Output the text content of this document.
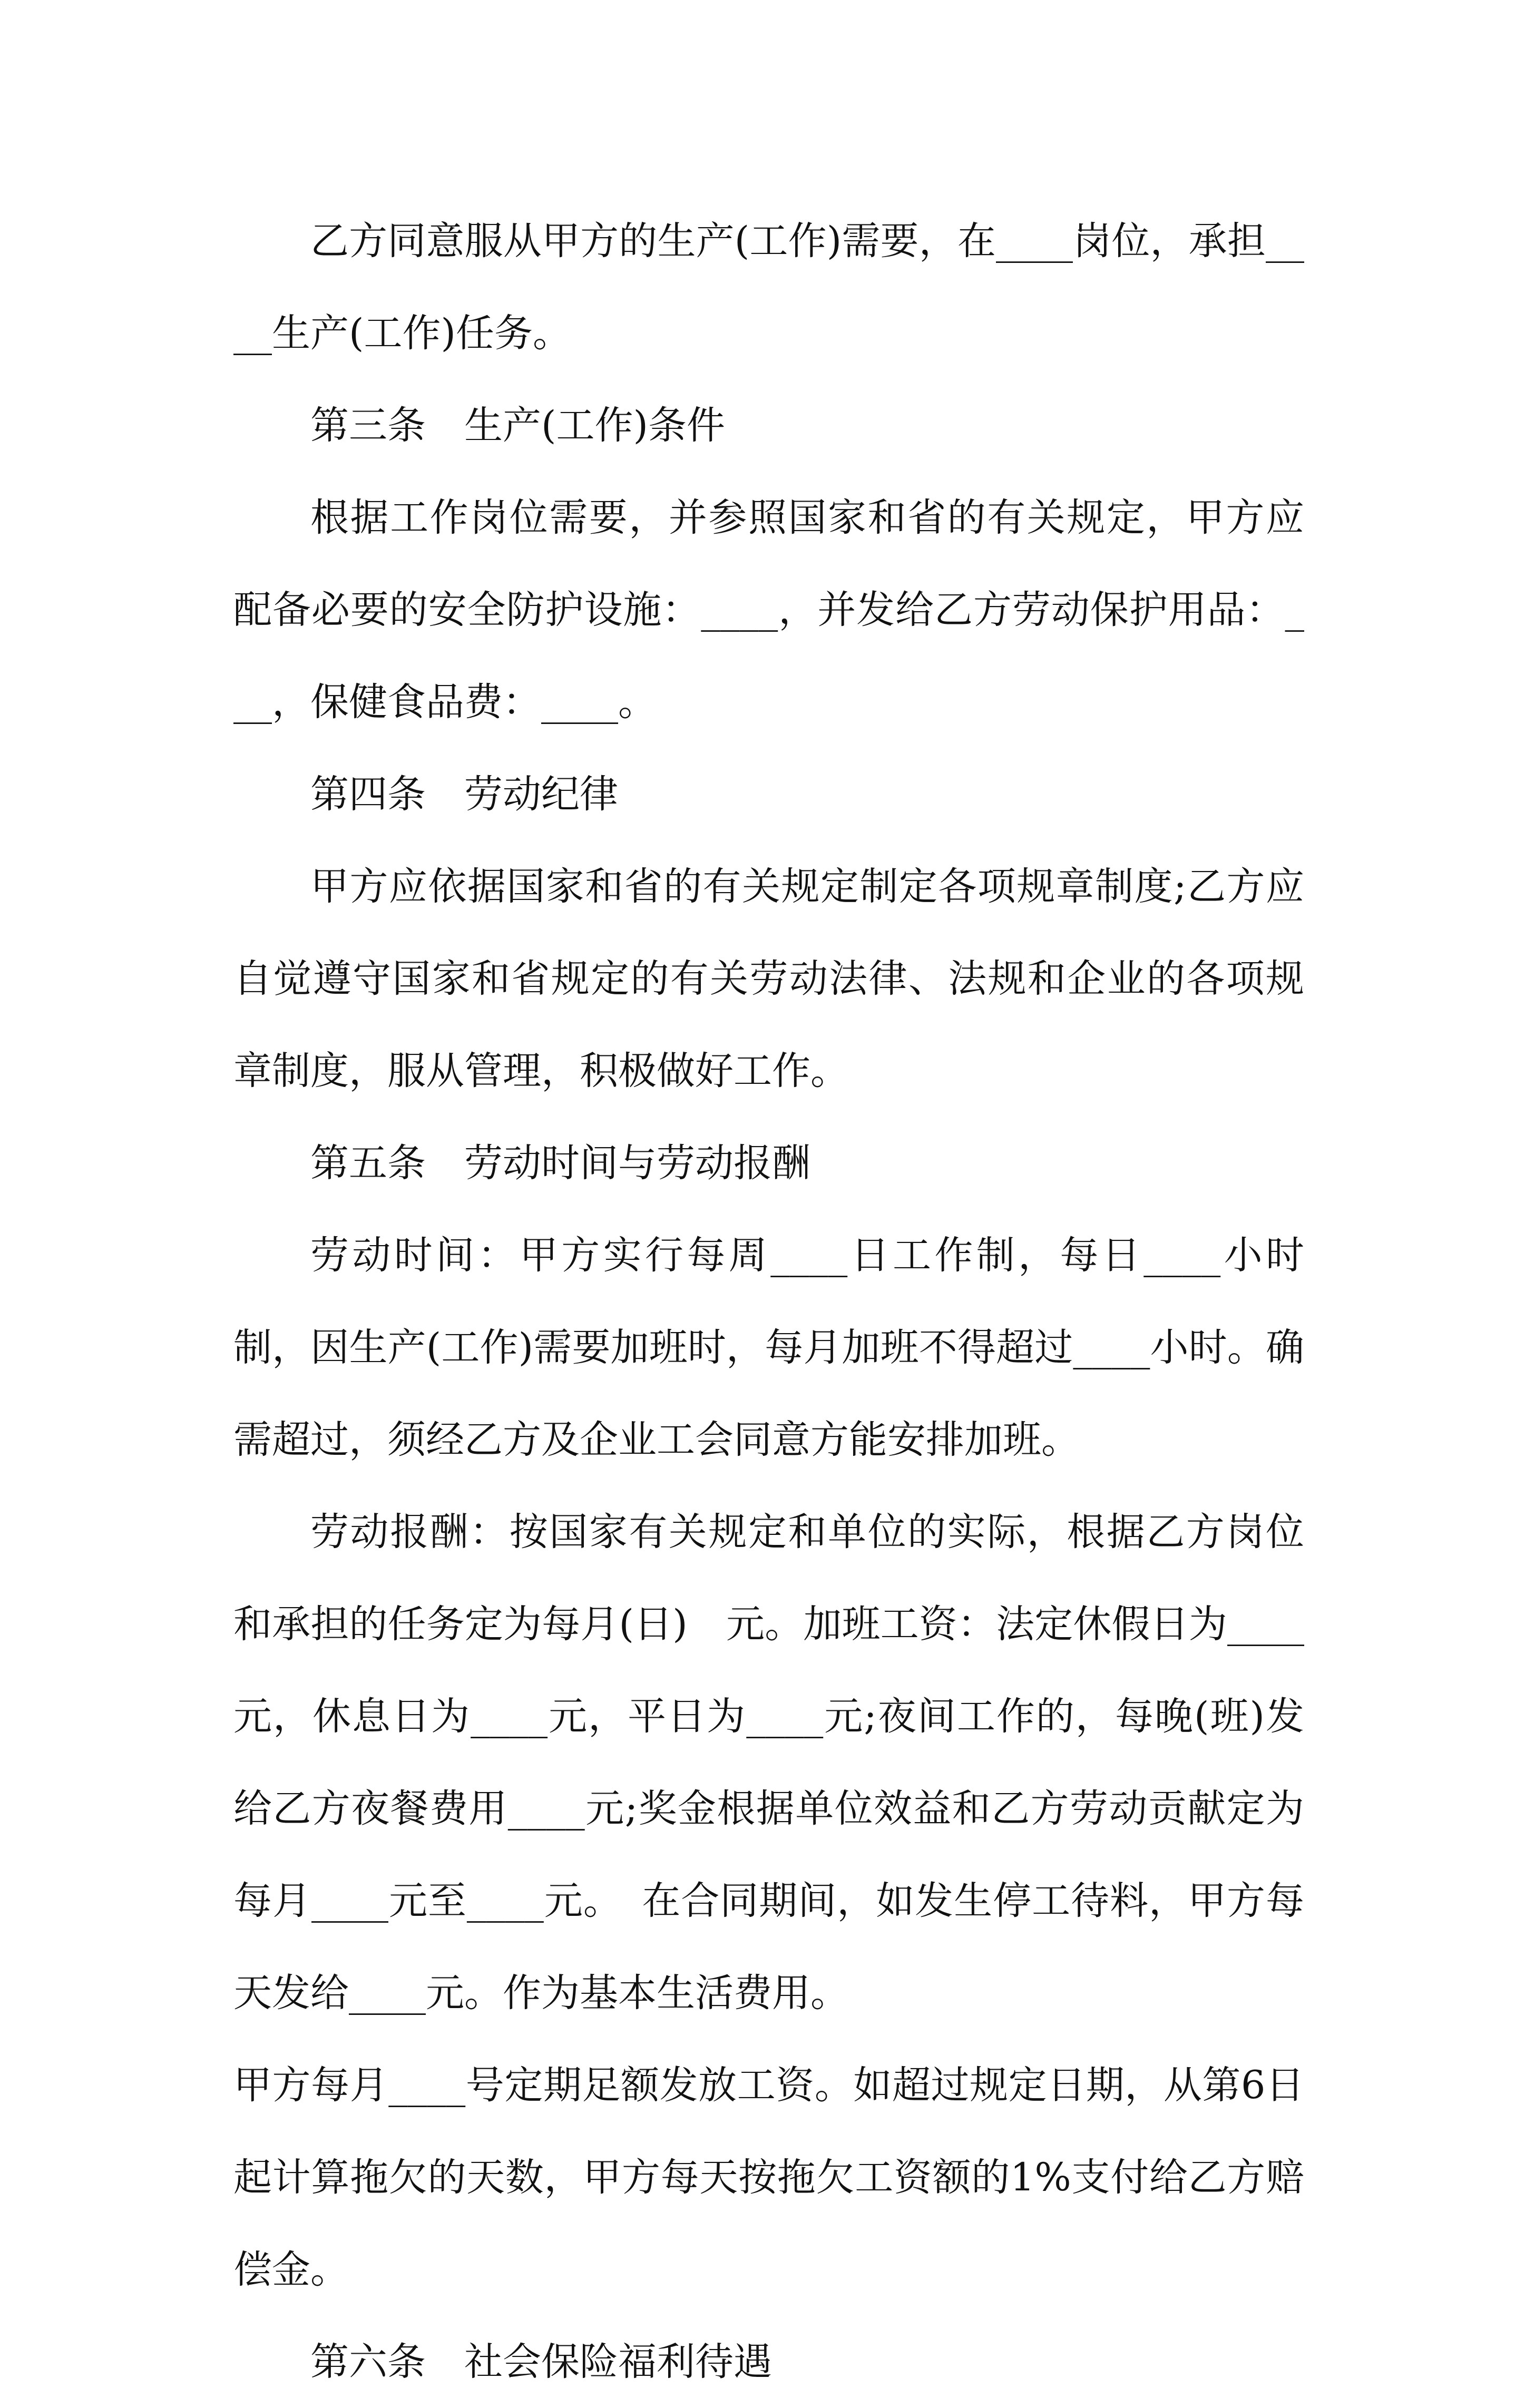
乙方同意服从甲方的生产(工作)需要，在____岗位，承担____生产(工作)任务。

第三条　生产(工作)条件

根据工作岗位需要，并参照国家和省的有关规定，甲方应配备必要的安全防护设施：____，并发给乙方劳动保护用品：___，保健食品费：____。

第四条　劳动纪律

甲方应依据国家和省的有关规定制定各项规章制度;乙方应自觉遵守国家和省规定的有关劳动法律、法规和企业的各项规章制度，服从管理，积极做好工作。

第五条　劳动时间与劳动报酬

劳动时间：甲方实行每周____日工作制，每日____小时制，因生产(工作)需要加班时，每月加班不得超过____小时。确需超过，须经乙方及企业工会同意方能安排加班。

劳动报酬：按国家有关规定和单位的实际，根据乙方岗位和承担的任务定为每月(日)　元。加班工资：法定休假日为____元，休息日为____元，平日为____元;夜间工作的，每晚(班)发给乙方夜餐费用____元;奖金根据单位效益和乙方劳动贡献定为每月____元至____元。　在合同期间，如发生停工待料，甲方每天发给____元。作为基本生活费用。

甲方每月____号定期足额发放工资。如超过规定日期，从第6日起计算拖欠的天数，甲方每天按拖欠工资额的1%支付给乙方赔偿金。

第六条　社会保险福利待遇
